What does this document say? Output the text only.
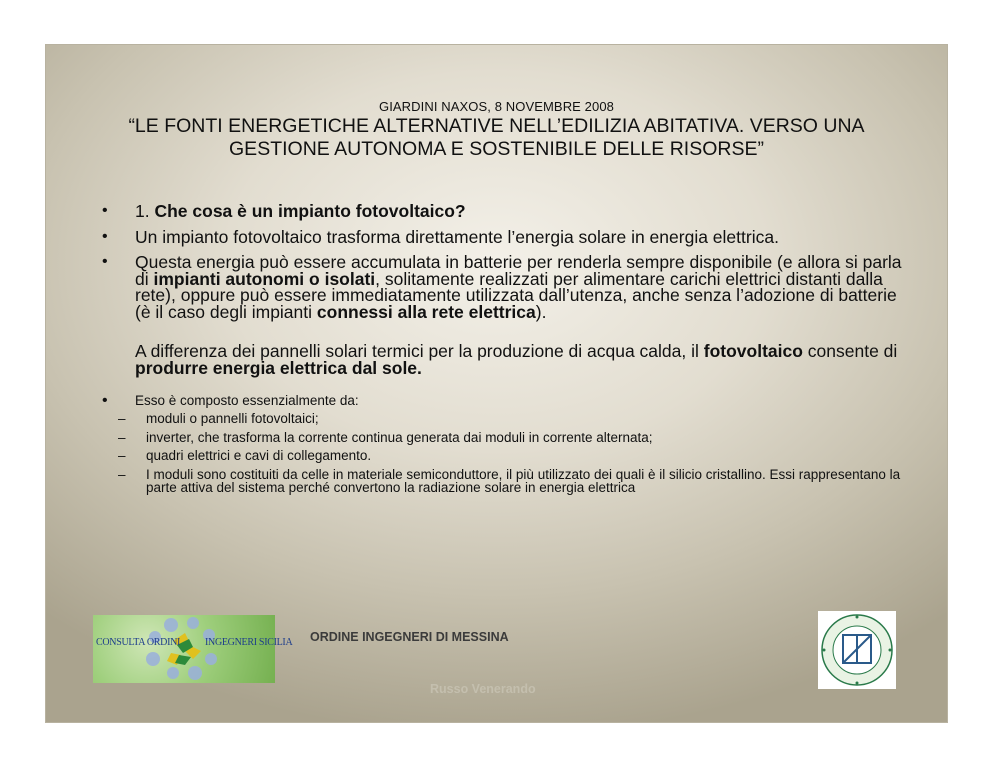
GIARDINI NAXOS, 8 NOVEMBRE 2008
“LE FONTI ENERGETICHE ALTERNATIVE NELL’EDILIZIA ABITATIVA. VERSO UNA
GESTIONE AUTONOMA E SOSTENIBILE DELLE RISORSE”
• 1. Che cosa è un impianto fotovoltaico?
• Un impianto fotovoltaico trasforma direttamente l’energia solare in energia elettrica.
• Questa energia può essere accumulata in batterie per renderla sempre disponibile (e allora si parla di impianti autonomi o isolati, solitamente realizzati per alimentare carichi elettrici distanti dalla rete), oppure può essere immediatamente utilizzata dall’utenza, anche senza l’adozione di batterie (è il caso degli impianti connessi alla rete elettrica).
A differenza dei pannelli solari termici per la produzione di acqua calda, il fotovoltaico consente di produrre energia elettrica dal sole.
• Esso è composto essenzialmente da:
– moduli o pannelli fotovoltaici;
– inverter, che trasforma la corrente continua generata dai moduli in corrente alternata;
– quadri elettrici e cavi di collegamento.
– I moduli sono costituiti da celle in materiale semiconduttore, il più utilizzato dei quali è il silicio cristallino. Essi rappresentano la parte attiva del sistema perché convertono la radiazione solare in energia elettrica
CONSULTA ORDINI INGEGNERI SICILIA ORDINE INGEGNERI DI MESSINA
Russo Venerando
